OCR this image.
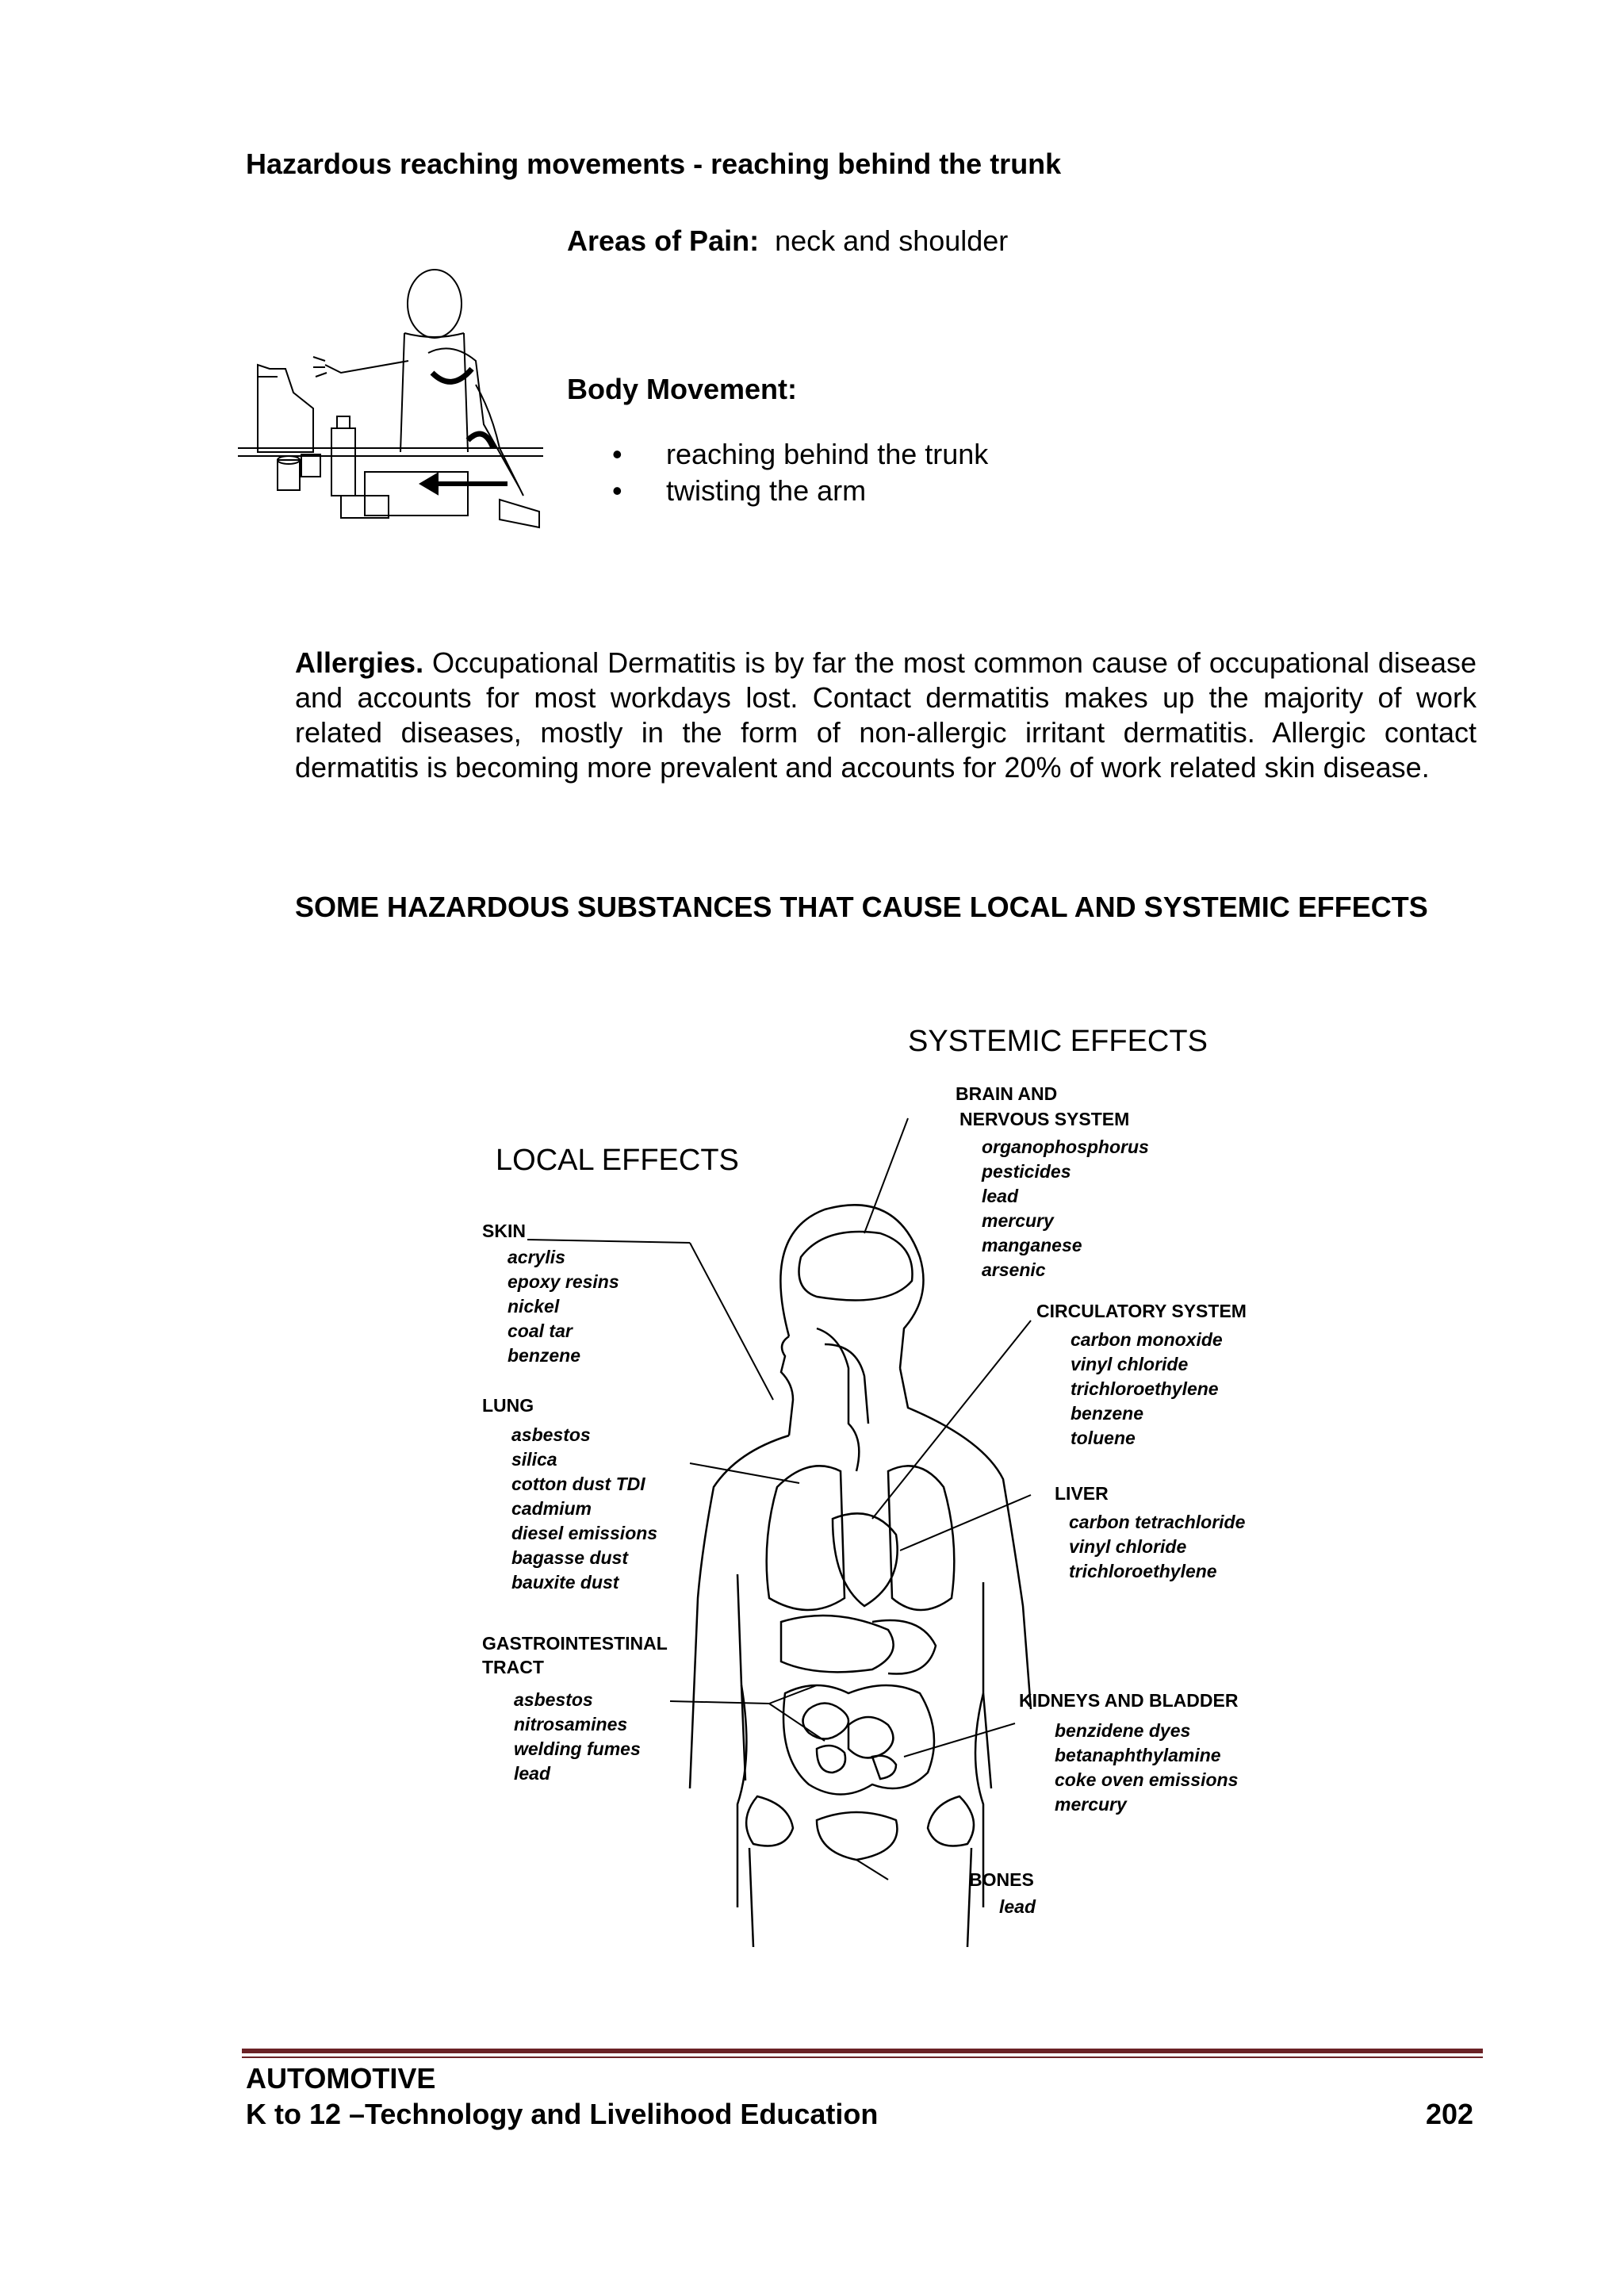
Hazardous reaching movements - reaching behind the trunk
Areas of Pain: neck and shoulder
Body Movement:
• reaching behind the trunk
• twisting the arm

Allergies. Occupational Dermatitis is by far the most common cause of occupational disease and accounts for most workdays lost. Contact dermatitis makes up the majority of work related diseases, mostly in the form of non-allergic irritant dermatitis. Allergic contact dermatitis is becoming more prevalent and accounts for 20% of work related skin disease.

SOME HAZARDOUS SUBSTANCES THAT CAUSE LOCAL AND SYSTEMIC EFFECTS

SYSTEMIC EFFECTS
LOCAL EFFECTS
SKIN
acrylis
epoxy resins
nickel
coal tar
benzene
LUNG
asbestos
silica
cotton dust TDI
cadmium
diesel emissions
bagasse dust
bauxite dust
GASTROINTESTINAL
TRACT
asbestos
nitrosamines
welding fumes
lead
BRAIN AND
NERVOUS SYSTEM
organophosphorus
pesticides
lead
mercury
manganese
arsenic
CIRCULATORY SYSTEM
carbon monoxide
vinyl chloride
trichloroethylene
benzene
toluene
LIVER
carbon tetrachloride
vinyl chloride
trichloroethylene
KIDNEYS AND BLADDER
benzidene dyes
betanaphthylamine
coke oven emissions
mercury
BONES
lead
AUTOMOTIVE
K to 12 –Technology and Livelihood Education	202
